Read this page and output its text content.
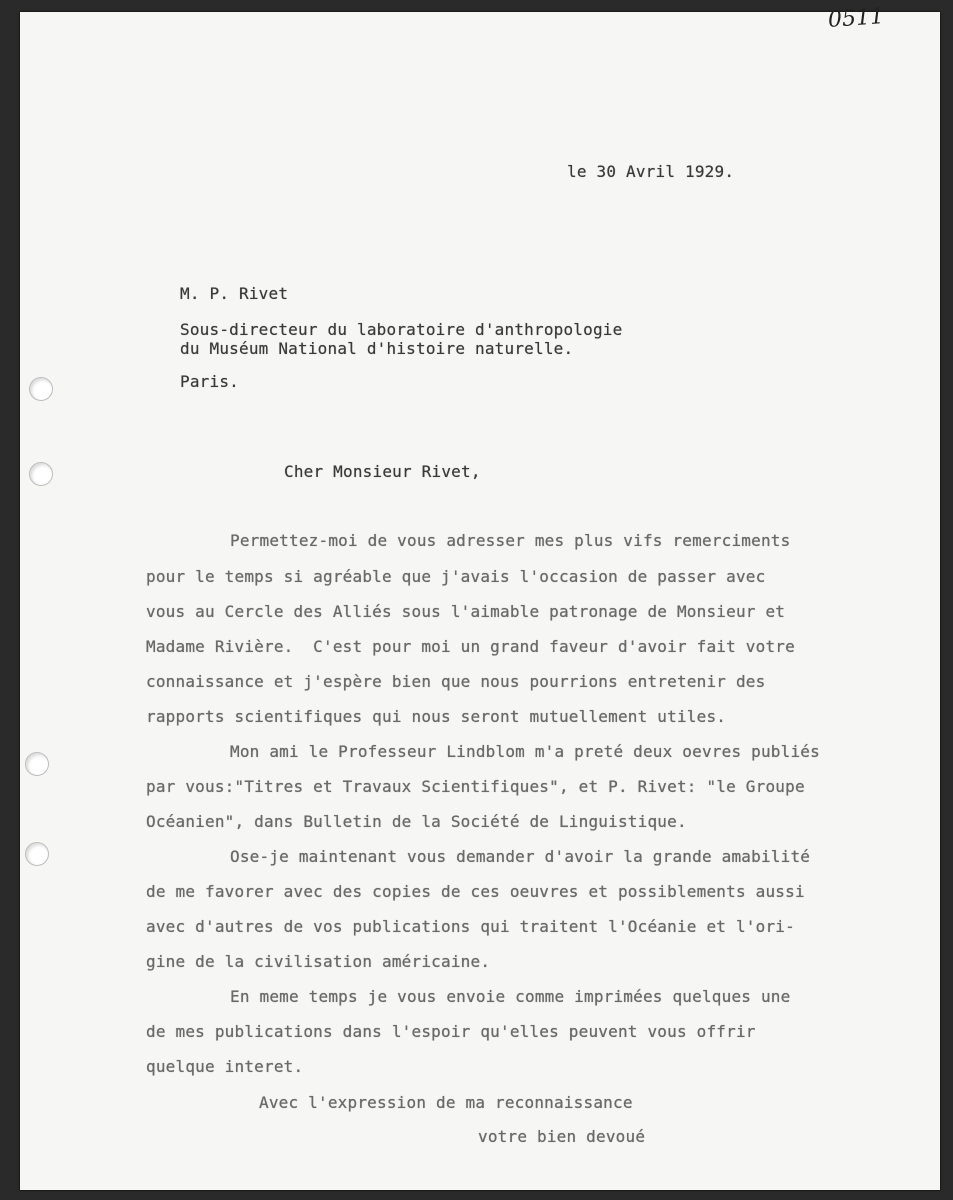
0511
le 30 Avril 1929.
M. P. Rivet
Sous-directeur du laboratoire d'anthropologie
du Muséum National d'histoire naturelle.
Paris.
Cher Monsieur Rivet,
Permettez-moi de vous adresser mes plus vifs remerciments
pour le temps si agréable que j'avais l'occasion de passer avec
vous au Cercle des Alliés sous l'aimable patronage de Monsieur et
Madame Rivière.  C'est pour moi un grand faveur d'avoir fait votre
connaissance et j'espère bien que nous pourrions entretenir des
rapports scientifiques qui nous seront mutuellement utiles.
Mon ami le Professeur Lindblom m'a preté deux oevres publiés
par vous:"Titres et Travaux Scientifiques", et P. Rivet: "le Groupe
Océanien", dans Bulletin de la Société de Linguistique.
Ose-je maintenant vous demander d'avoir la grande amabilité
de me favorer avec des copies de ces oeuvres et possiblements aussi
avec d'autres de vos publications qui traitent l'Océanie et l'ori-
gine de la civilisation américaine.
En meme temps je vous envoie comme imprimées quelques une
de mes publications dans l'espoir qu'elles peuvent vous offrir
quelque interet.
Avec l'expression de ma reconnaissance
votre bien devoué
